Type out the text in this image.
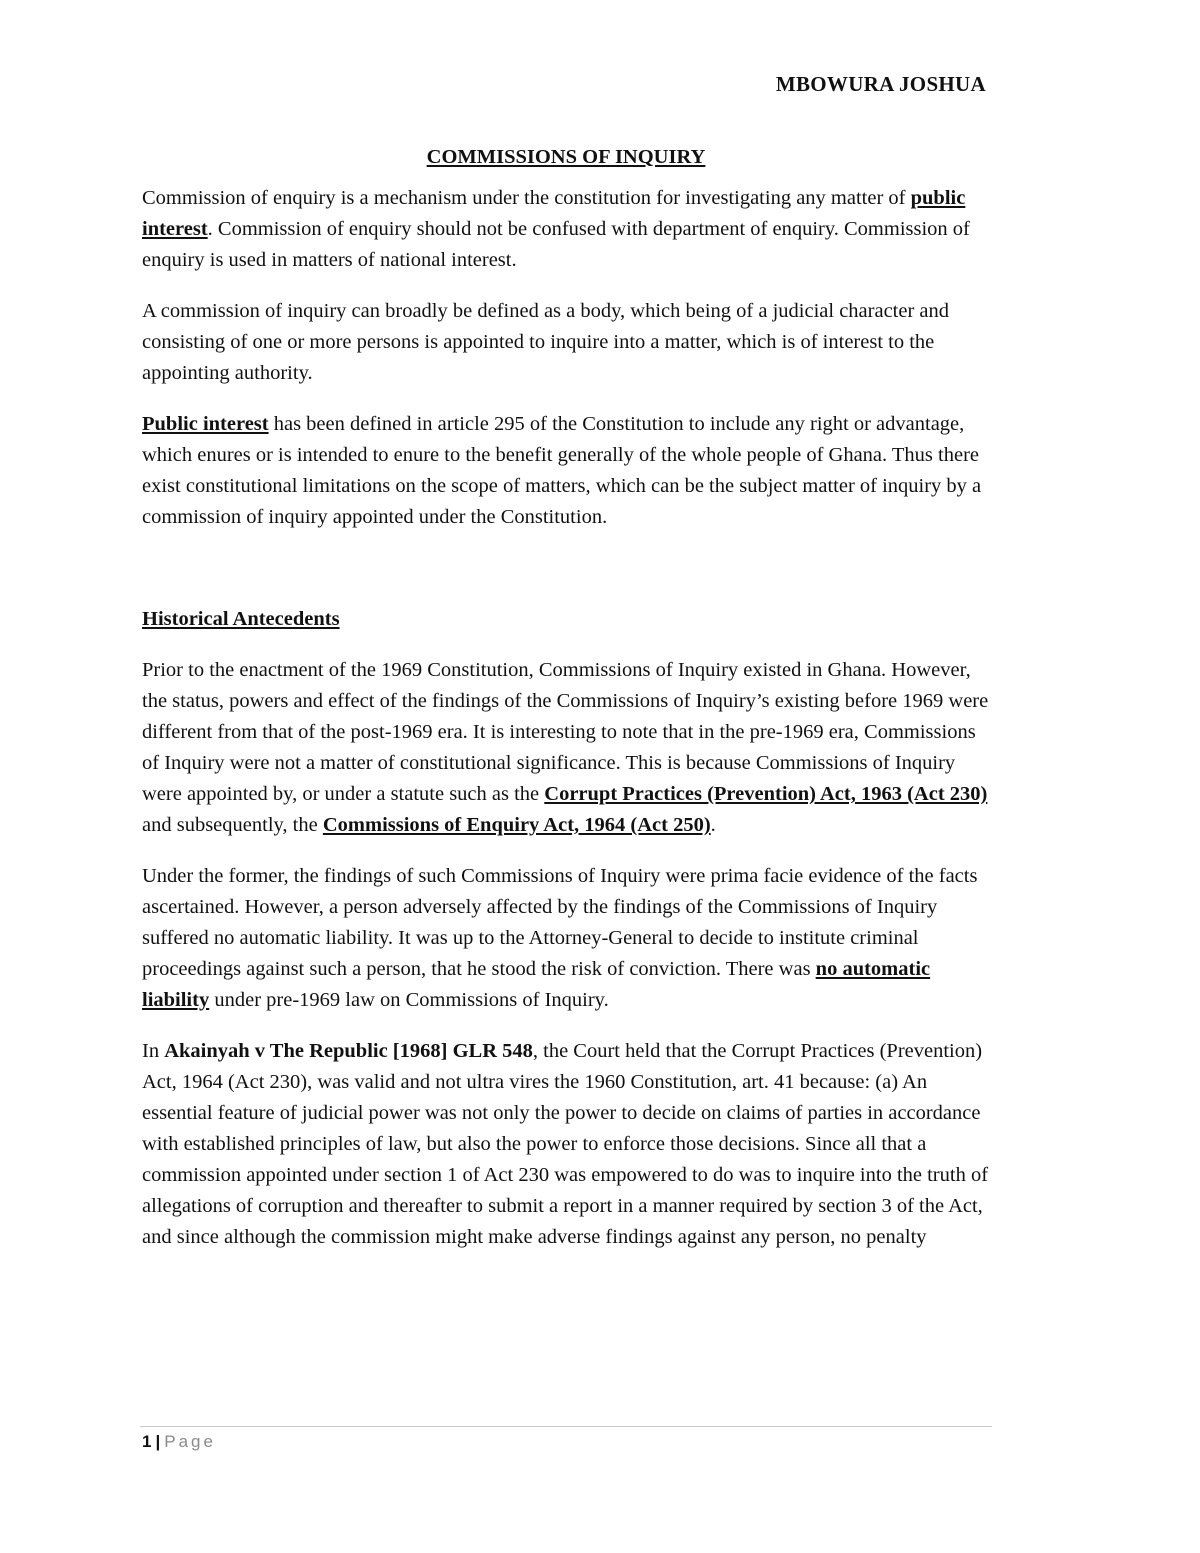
MBOWURA JOSHUA
COMMISSIONS OF INQUIRY

Commission of enquiry is a mechanism under the constitution for investigating any matter of public interest. Commission of enquiry should not be confused with department of enquiry. Commission of enquiry is used in matters of national interest.

A commission of inquiry can broadly be defined as a body, which being of a judicial character and consisting of one or more persons is appointed to inquire into a matter, which is of interest to the appointing authority.

Public interest has been defined in article 295 of the Constitution to include any right or advantage, which enures or is intended to enure to the benefit generally of the whole people of Ghana. Thus there exist constitutional limitations on the scope of matters, which can be the subject matter of inquiry by a commission of inquiry appointed under the Constitution.

Historical Antecedents

Prior to the enactment of the 1969 Constitution, Commissions of Inquiry existed in Ghana. However, the status, powers and effect of the findings of the Commissions of Inquiry’s existing before 1969 were different from that of the post-1969 era. It is interesting to note that in the pre-1969 era, Commissions of Inquiry were not a matter of constitutional significance. This is because Commissions of Inquiry were appointed by, or under a statute such as the Corrupt Practices (Prevention) Act, 1963 (Act 230) and subsequently, the Commissions of Enquiry Act, 1964 (Act 250).

Under the former, the findings of such Commissions of Inquiry were prima facie evidence of the facts ascertained. However, a person adversely affected by the findings of the Commissions of Inquiry suffered no automatic liability. It was up to the Attorney-General to decide to institute criminal proceedings against such a person, that he stood the risk of conviction. There was no automatic liability under pre-1969 law on Commissions of Inquiry.

In Akainyah v The Republic [1968] GLR 548, the Court held that the Corrupt Practices (Prevention) Act, 1964 (Act 230), was valid and not ultra vires the 1960 Constitution, art. 41 because: (a) An essential feature of judicial power was not only the power to decide on claims of parties in accordance with established principles of law, but also the power to enforce those decisions. Since all that a commission appointed under section 1 of Act 230 was empowered to do was to inquire into the truth of allegations of corruption and thereafter to submit a report in a manner required by section 3 of the Act, and since although the commission might make adverse findings against any person, no penalty

1 | Page
